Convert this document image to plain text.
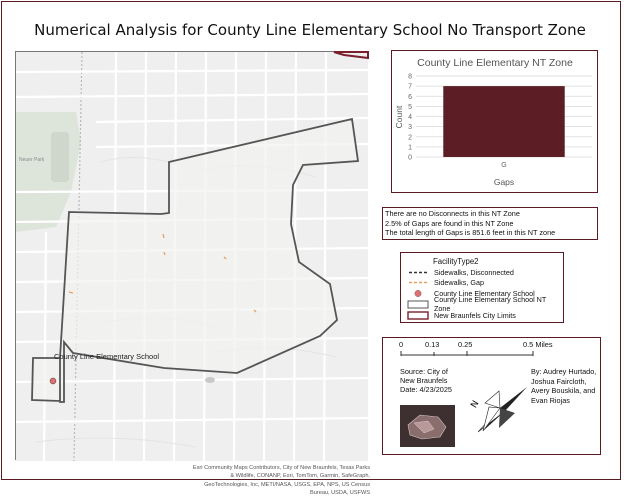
Numerical Analysis for County Line Elementary School No Transport Zone
Neuer Park
County Line Elementary School
Esri Community Maps Contributors, City of New Braunfels, Texas Parks & Wildlife, CONANP, Esri, TomTom, Garmin, SafeGraph, GeoTechnologies, Inc, METI/NASA, USGS, EPA, NPS, US Census Bureau, USDA, USFWS
County Line Elementary NT Zone
0
1
2
3
4
5
6
7
8
G
Gaps
Count
There are no Disconnects in this NT Zone
2.5% of Gaps are found in this NT Zone
The total length of Gaps is 851.6 feet in this NT zone
FacilityType2
Sidewalks, Disconnected
Sidewalks, Gap
County Line Elementary School
County Line Elementary School NT Zone
New Braunfels City Limits
0	0.13	0.25	0.5 Miles
Source: City of New Braunfels Date: 4/23/2025
By: Audrey Hurtado, Joshua Faircloth, Avery Bouskila, and Evan Riojas
N
